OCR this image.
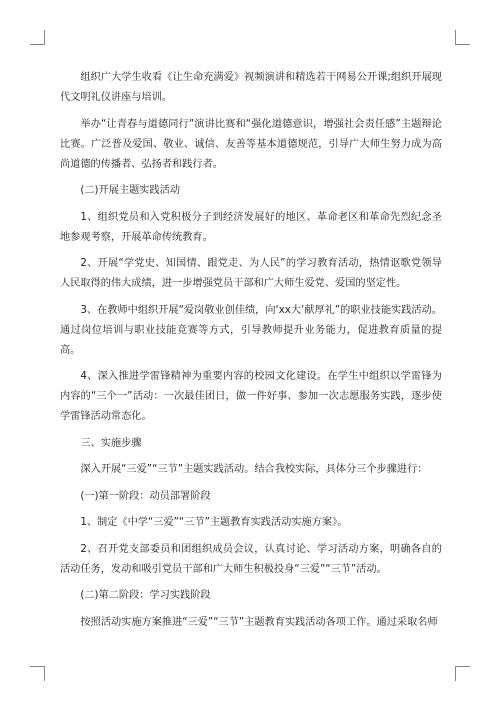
组织广大学生收看《让生命充满爱》视频演讲和精选若干网易公开课;组织开展现代文明礼仪讲座与培训。

举办“让青春与道德同行”演讲比赛和“强化道德意识，增强社会责任感”主题辩论比赛。广泛普及爱国、敬业、诚信、友善等基本道德规范，引导广大师生努力成为高尚道德的传播者、弘扬者和践行者。

(二)开展主题实践活动

1、组织党员和入党积极分子到经济发展好的地区、革命老区和革命先烈纪念圣地参观考察，开展革命传统教育。

2、开展“学党史、知国情、跟党走、为人民”的学习教育活动，热情讴歌党领导人民取得的伟大成绩，进一步增强党员干部和广大师生爱党、爱国的坚定性。

3、在教师中组织开展“爱岗敬业创佳绩，向‘xx大’献厚礼”的职业技能实践活动。通过岗位培训与职业技能竞赛等方式，引导教师提升业务能力，促进教育质量的提高。

4、深入推进学雷锋精神为重要内容的校园文化建设。在学生中组织以学雷锋为内容的“三个一”活动：一次最佳团日，做一件好事、参加一次志愿服务实践，逐步使学雷锋活动常态化。

三、实施步骤

深入开展“三爱”“三节”主题实践活动。结合我校实际，具体分三个步骤进行：

(一)第一阶段：动员部署阶段

1、制定《中学“三爱”“三节”主题教育实践活动实施方案》。

2、召开党支部委员和团组织成员会议，认真讨论、学习活动方案，明确各自的活动任务，发动和吸引党员干部和广大师生积极投身“三爱”“三节”活动。

(二)第二阶段：学习实践阶段

按照活动实施方案推进“三爱”“三节”主题教育实践活动各项工作。通过采取名师
